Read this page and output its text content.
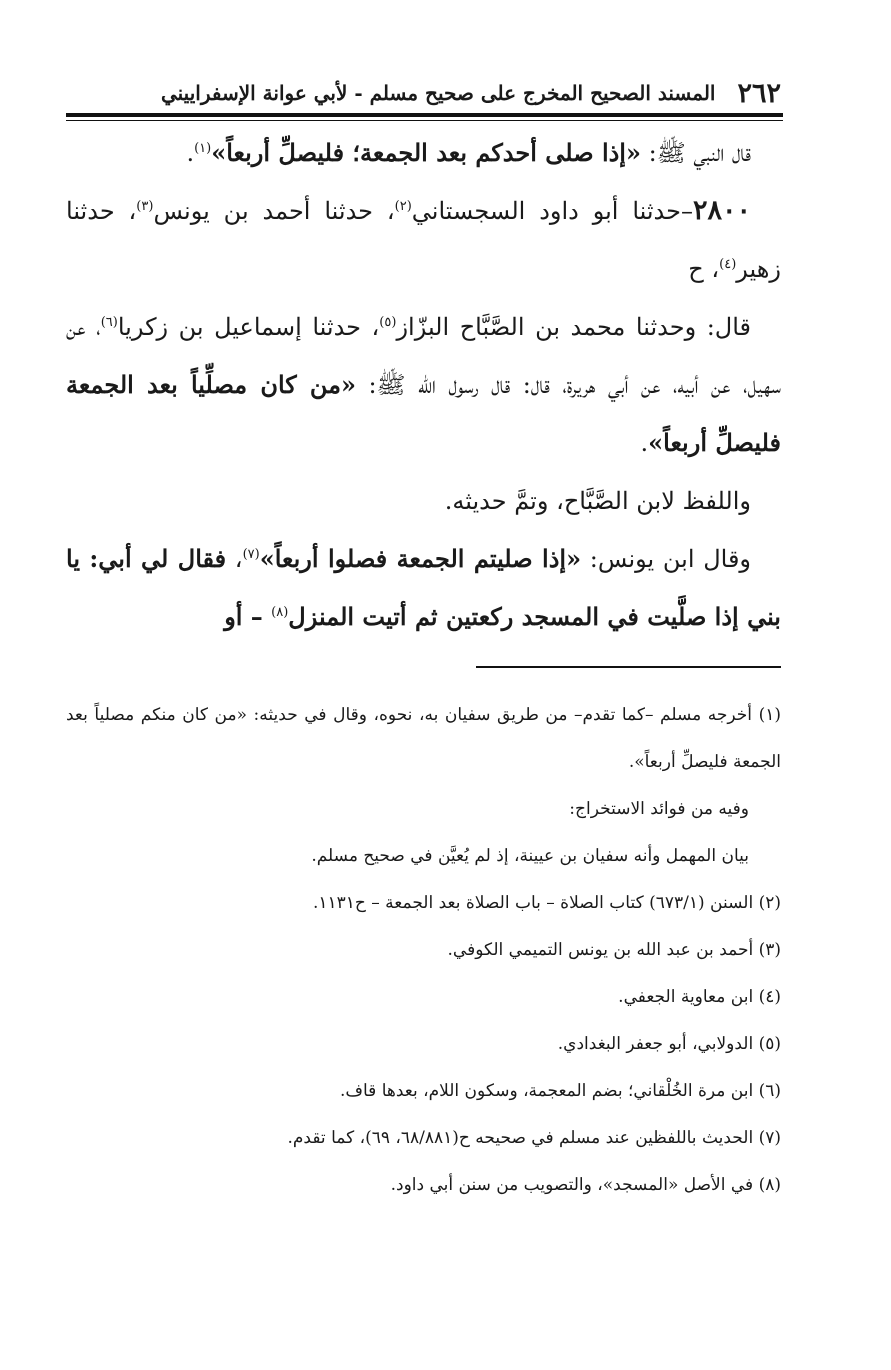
٢٦٢
المسند الصحيح المخرج على صحيح مسلم - لأبي عوانة الإسفراييني

قال النبي ﷺ: «إذا صلى أحدكم بعد الجمعة؛ فليصلِّ أربعاً»$^{(١)}$.

٢٨٠٠–حدثنا أبو داود السجستاني$^{(٢)}$، حدثنا أحمد بن يونس$^{(٣)}$، حدثنا زهير$^{(٤)}$، ح

قال: وحدثنا محمد بن الصَّبَّاح البزّاز$^{(٥)}$، حدثنا إسماعيل بن زكريا$^{(٦)}$، عن سهيل، عن أبيه، عن أبي هريرة، قال: قال رسول الله ﷺ: «من كان مصلِّياً بعد الجمعة فليصلِّ أربعاً».

واللفظ لابن الصَّبَّاح، وتمَّ حديثه.

وقال ابن يونس: «إذا صليتم الجمعة فصلوا أربعاً»$^{(٧)}$، فقال لي أبي: يا بني إذا صلَّيت في المسجد ركعتين ثم أتيت المنزل$^{(٨)}$ – أو

(١) أخرجه مسلم –كما تقدم– من طريق سفيان به، نحوه، وقال في حديثه: «من كان منكم مصلياً بعد الجمعة فليصلِّ أربعاً».

وفيه من فوائد الاستخراج:

بيان المهمل وأنه سفيان بن عيينة، إذ لم يُعيَّن في صحيح مسلم.

(٢) السنن (٦٧٣/١) كتاب الصلاة – باب الصلاة بعد الجمعة – ح١١٣١.

(٣) أحمد بن عبد الله بن يونس التميمي الكوفي.

(٤) ابن معاوية الجعفي.

(٥) الدولابي، أبو جعفر البغدادي.

(٦) ابن مرة الخُلْقاني؛ بضم المعجمة، وسكون اللام، بعدها قاف.

(٧) الحديث باللفظين عند مسلم في صحيحه ح(٦٨/٨٨١، ٦٩)، كما تقدم.

(٨) في الأصل «المسجد»، والتصويب من سنن أبي داود.
